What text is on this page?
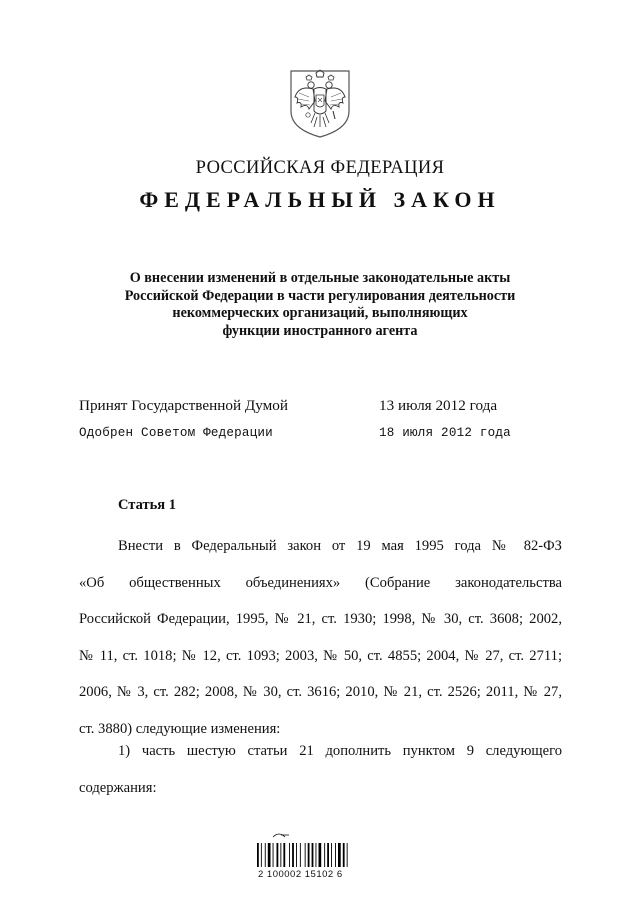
РОССИЙСКАЯ ФЕДЕРАЦИЯ
ФЕДЕРАЛЬНЫЙ ЗАКОН
О внесении изменений в отдельные законодательные акты
Российской Федерации в части регулирования деятельности
некоммерческих организаций, выполняющих
функции иностранного агента
Принят Государственной Думой	13 июля 2012 года
Одобрен Советом Федерации	18 июля 2012 года
Статья 1
Внести в Федеральный закон от 19 мая 1995 года № 82-ФЗ
«Об общественных объединениях» (Собрание законодательства
Российской Федерации, 1995, № 21, ст. 1930; 1998, № 30, ст. 3608; 2002,
№ 11, ст. 1018; № 12, ст. 1093; 2003, № 50, ст. 4855; 2004, № 27, ст. 2711;
2006, № 3, ст. 282; 2008, № 30, ст. 3616; 2010, № 21, ст. 2526; 2011, № 27,
ст. 3880) следующие изменения:
1) часть шестую статьи 21 дополнить пунктом 9 следующего
содержания:
2 100002 15102 6
